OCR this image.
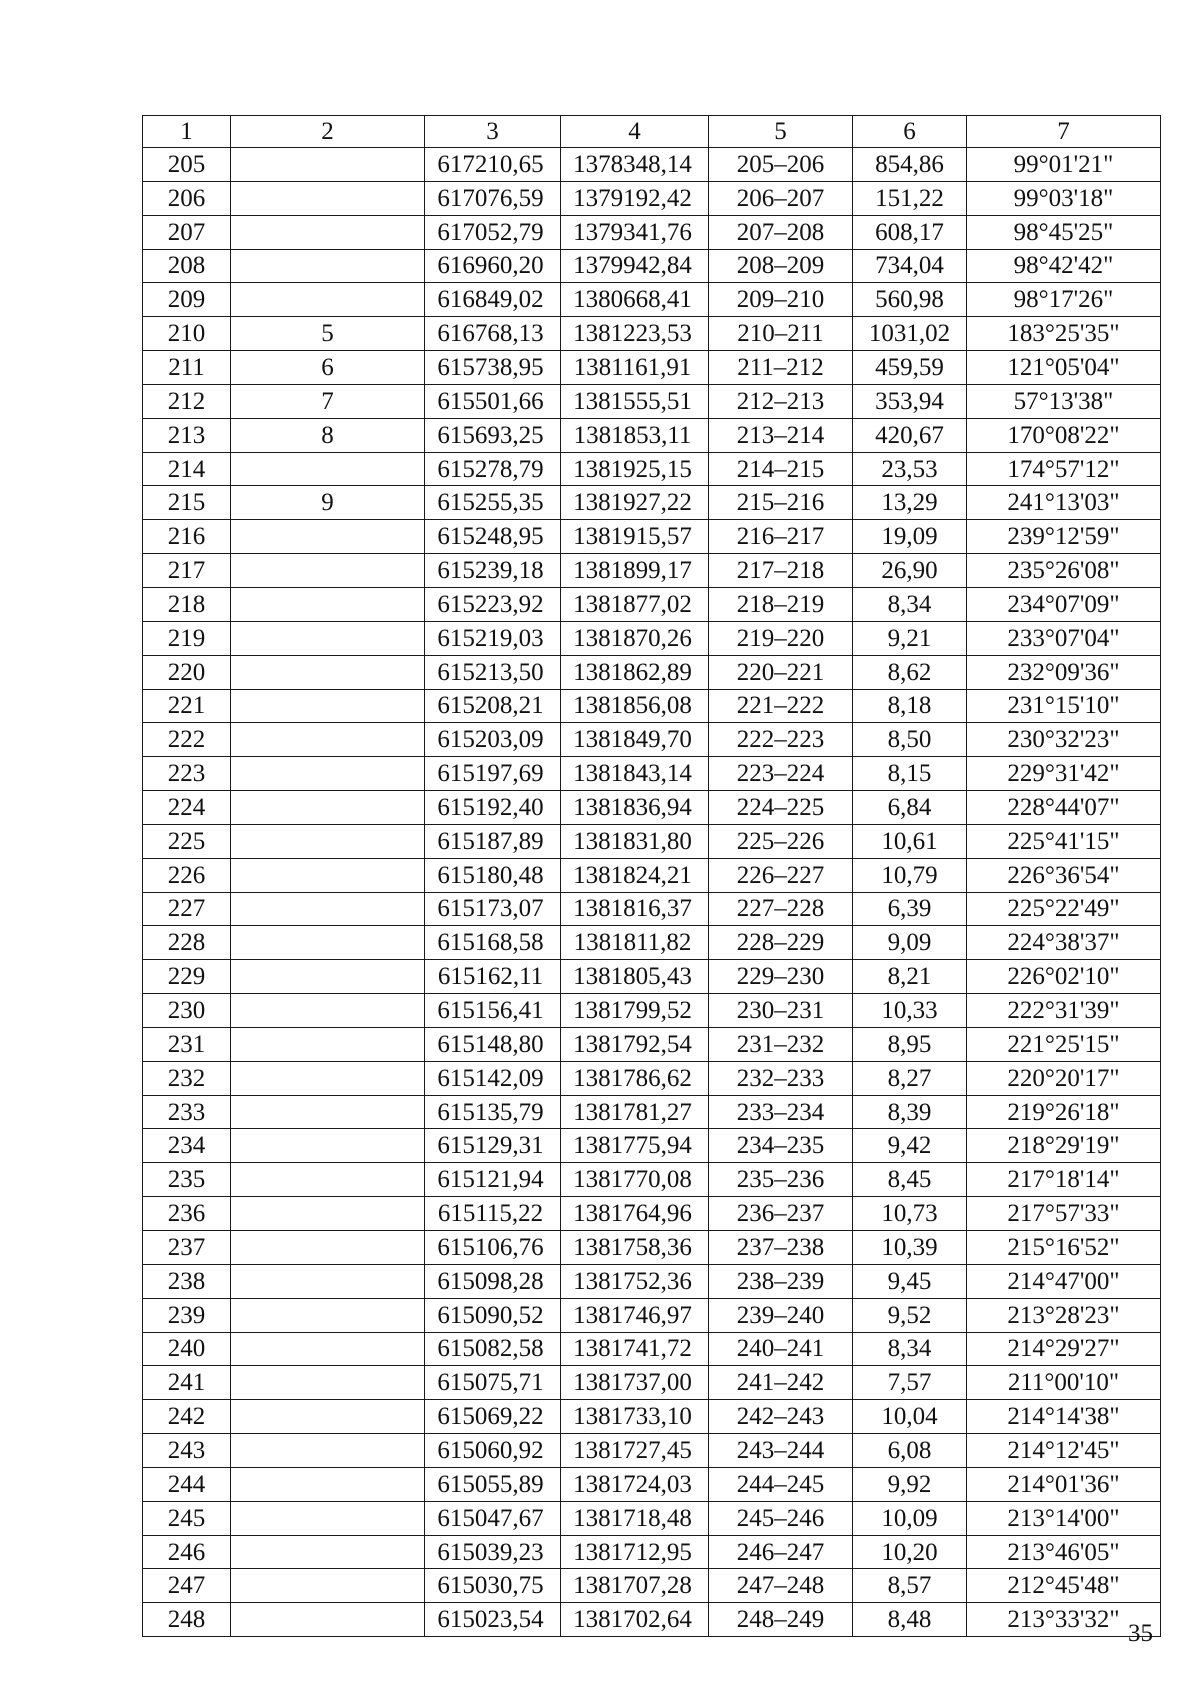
1	2	3	4	5	6	7
205		617210,65	1378348,14	205–206	854,86	99°01'21"
206		617076,59	1379192,42	206–207	151,22	99°03'18"
207		617052,79	1379341,76	207–208	608,17	98°45'25"
208		616960,20	1379942,84	208–209	734,04	98°42'42"
209		616849,02	1380668,41	209–210	560,98	98°17'26"
210	5	616768,13	1381223,53	210–211	1031,02	183°25'35"
211	6	615738,95	1381161,91	211–212	459,59	121°05'04"
212	7	615501,66	1381555,51	212–213	353,94	57°13'38"
213	8	615693,25	1381853,11	213–214	420,67	170°08'22"
214		615278,79	1381925,15	214–215	23,53	174°57'12"
215	9	615255,35	1381927,22	215–216	13,29	241°13'03"
216		615248,95	1381915,57	216–217	19,09	239°12'59"
217		615239,18	1381899,17	217–218	26,90	235°26'08"
218		615223,92	1381877,02	218–219	8,34	234°07'09"
219		615219,03	1381870,26	219–220	9,21	233°07'04"
220		615213,50	1381862,89	220–221	8,62	232°09'36"
221		615208,21	1381856,08	221–222	8,18	231°15'10"
222		615203,09	1381849,70	222–223	8,50	230°32'23"
223		615197,69	1381843,14	223–224	8,15	229°31'42"
224		615192,40	1381836,94	224–225	6,84	228°44'07"
225		615187,89	1381831,80	225–226	10,61	225°41'15"
226		615180,48	1381824,21	226–227	10,79	226°36'54"
227		615173,07	1381816,37	227–228	6,39	225°22'49"
228		615168,58	1381811,82	228–229	9,09	224°38'37"
229		615162,11	1381805,43	229–230	8,21	226°02'10"
230		615156,41	1381799,52	230–231	10,33	222°31'39"
231		615148,80	1381792,54	231–232	8,95	221°25'15"
232		615142,09	1381786,62	232–233	8,27	220°20'17"
233		615135,79	1381781,27	233–234	8,39	219°26'18"
234		615129,31	1381775,94	234–235	9,42	218°29'19"
235		615121,94	1381770,08	235–236	8,45	217°18'14"
236		615115,22	1381764,96	236–237	10,73	217°57'33"
237		615106,76	1381758,36	237–238	10,39	215°16'52"
238		615098,28	1381752,36	238–239	9,45	214°47'00"
239		615090,52	1381746,97	239–240	9,52	213°28'23"
240		615082,58	1381741,72	240–241	8,34	214°29'27"
241		615075,71	1381737,00	241–242	7,57	211°00'10"
242		615069,22	1381733,10	242–243	10,04	214°14'38"
243		615060,92	1381727,45	243–244	6,08	214°12'45"
244		615055,89	1381724,03	244–245	9,92	214°01'36"
245		615047,67	1381718,48	245–246	10,09	213°14'00"
246		615039,23	1381712,95	246–247	10,20	213°46'05"
247		615030,75	1381707,28	247–248	8,57	212°45'48"
248		615023,54	1381702,64	248–249	8,48	213°33'32"
35
